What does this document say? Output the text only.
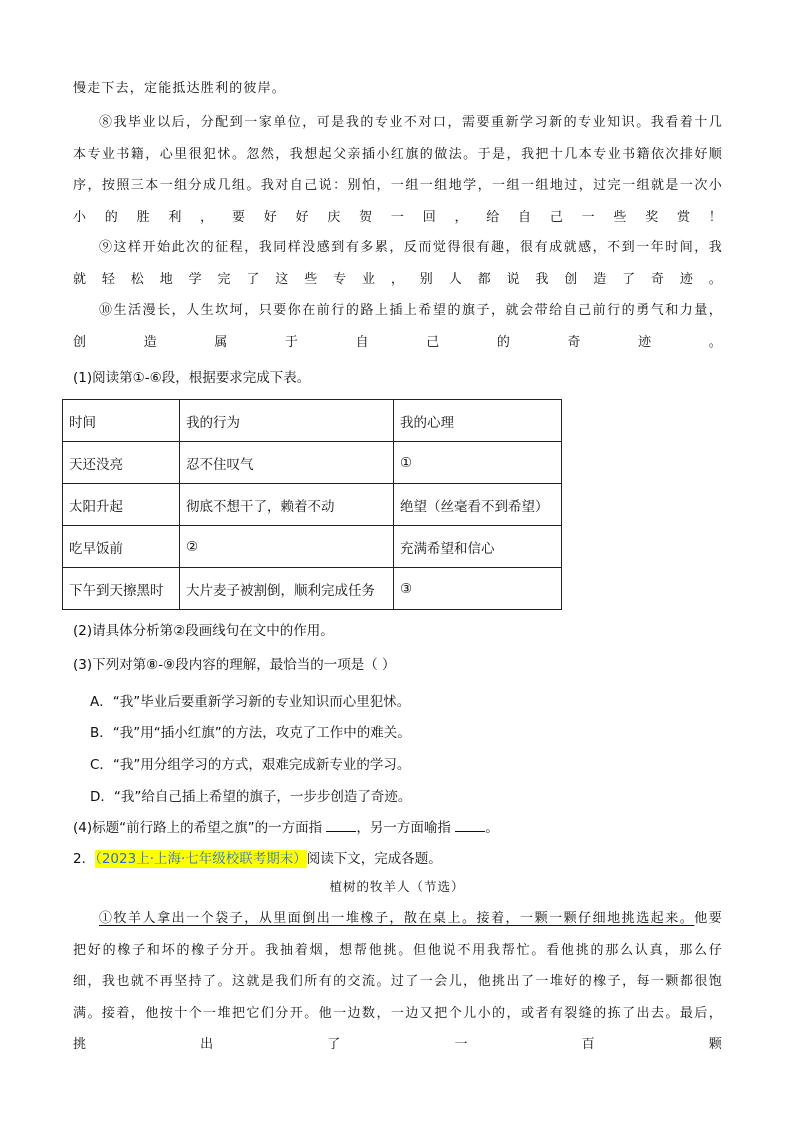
慢走下去，定能抵达胜利的彼岸。

⑧我毕业以后，分配到一家单位，可是我的专业不对口，需要重新学习新的专业知识。我看着十几本专业书籍，心里很犯怵。忽然，我想起父亲插小红旗的做法。于是，我把十几本专业书籍依次排好顺序，按照三本一组分成几组。我对自己说：别怕，一组一组地学，一组一组地过，过完一组就是一次小小的胜利，要好好庆贺一回，给自己一些奖赏！

⑨这样开始此次的征程，我同样没感到有多累，反而觉得很有趣，很有成就感，不到一年时间，我就轻松地学完了这些专业，别人都说我创造了奇迹。

⑩生活漫长，人生坎坷，只要你在前行的路上插上希望的旗子，就会带给自己前行的勇气和力量，创造属于自己的奇迹。

(1)阅读第①-⑥段，根据要求完成下表。
时间	我的行为	我的心理
天还没亮	忍不住叹气	①
太阳升起	彻底不想干了，赖着不动	绝望（丝毫看不到希望）
吃早饭前	②	充满希望和信心
下午到天擦黑时	大片麦子被割倒，顺利完成任务	③
(2)请具体分析第②段画线句在文中的作用。
(3)下列对第⑧-⑨段内容的理解，最恰当的一项是（ ）
A．“我”毕业后要重新学习新的专业知识而心里犯怵。
B．“我”用“插小红旗”的方法，攻克了工作中的难关。
C．“我”用分组学习的方式，艰难完成新专业的学习。
D．“我”给自己插上希望的旗子，一步步创造了奇迹。
(4)标题“前行路上的希望之旗”的一方面指	，另一方面喻指	。
2．（2023上·上海·七年级校联考期末）阅读下文，完成各题。
植树的牧羊人（节选）

①牧羊人拿出一个袋子，从里面倒出一堆橡子，散在桌上。接着，一颗一颗仔细地挑选起来。他要把好的橡子和坏的橡子分开。我抽着烟，想帮他挑。但他说不用我帮忙。看他挑的那么认真，那么仔细，我也就不再坚持了。这就是我们所有的交流。过了一会儿，他挑出了一堆好的橡子，每一颗都很饱满。接着，他按十个一堆把它们分开。他一边数，一边又把个儿小的，或者有裂缝的拣了出去。最后，挑出了一百颗
